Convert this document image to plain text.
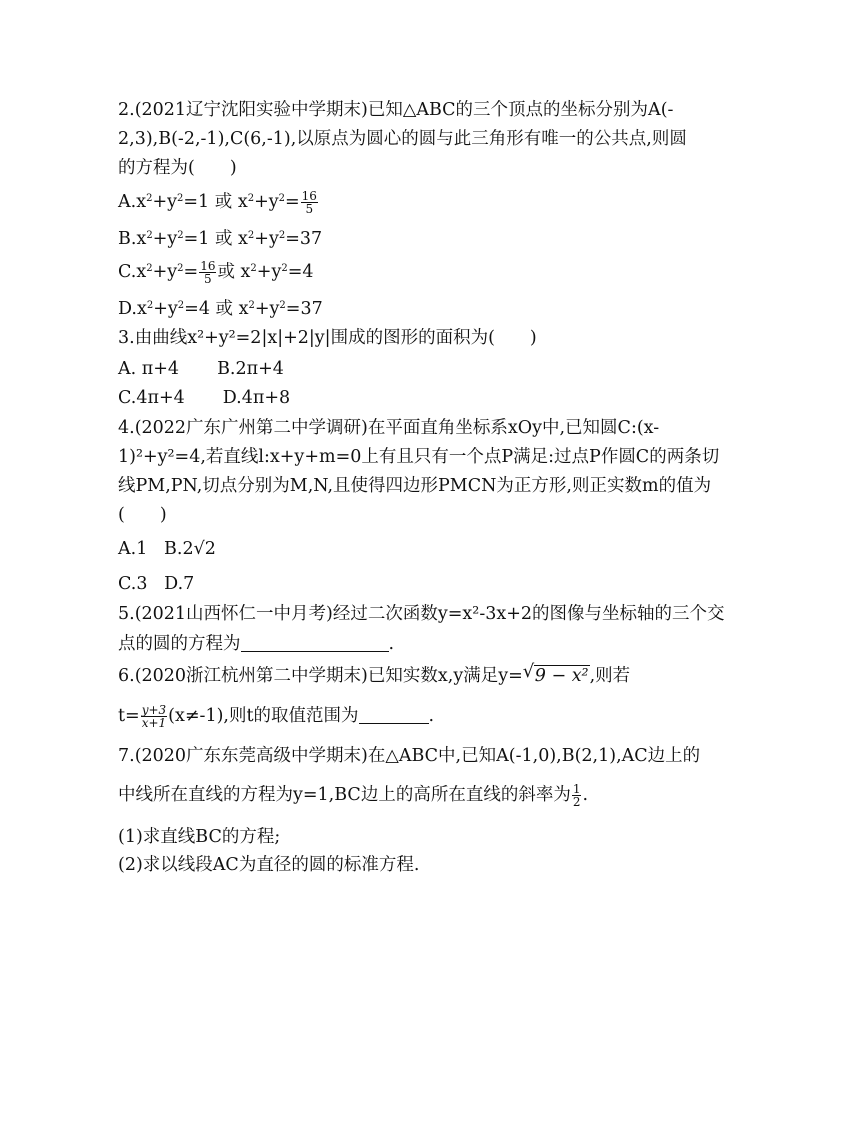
2.(2021辽宁沈阳实验中学期末)已知△ABC的三个顶点的坐标分别为A(-
2,3),B(-2,-1),C(6,-1),以原点为圆心的圆与此三角形有唯一的公共点,则圆
的方程为(　　)
$A.x^2+y^2=1$ 或 $x^2+y^2= \frac{16}{5}$
$B.x^2+y^2=1$ 或 $x^2+y^2=37$
$C.x^2+y^2= \frac{16}{5}$ 或 $x^2+y^2=4$
$D.x^2+y^2=4$ 或 $x^2+y^2=37$
3.由曲线x²+y²=2|x|+2|y|围成的图形的面积为(　　)
A. π+4 B.2π+4
C.4π+4 D.4π+8
4.(2022广东广州第二中学调研)在平面直角坐标系xOy中,已知圆C:(x-
1)²+y²=4,若直线l:x+y+m=0上有且只有一个点P满足:过点P作圆C的两条切
线PM,PN,切点分别为M,N,且使得四边形PMCN为正方形,则正实数m的值为
(　　)
A.1 B.2√2
C.3 D.7
5.(2021山西怀仁一中月考)经过二次函数y=x²-3x+2的图像与坐标轴的三个交
点的圆的方程为	.
6.(2020浙江杭州第二中学期末)已知实数x,y满足y= √ 9 − x²,则若
$t= \frac{y+3}{x+1} (x\ne-1)$,则t的取值范围为	.
7.(2020广东东莞高级中学期末)在△ABC中,已知A(-1,0),B(2,1),AC边上的
中线所在直线的方程为y=1,BC边上的高所在直线的斜率为 $\frac{1}{2}$ .
(1)求直线BC的方程;
(2)求以线段AC为直径的圆的标准方程.
